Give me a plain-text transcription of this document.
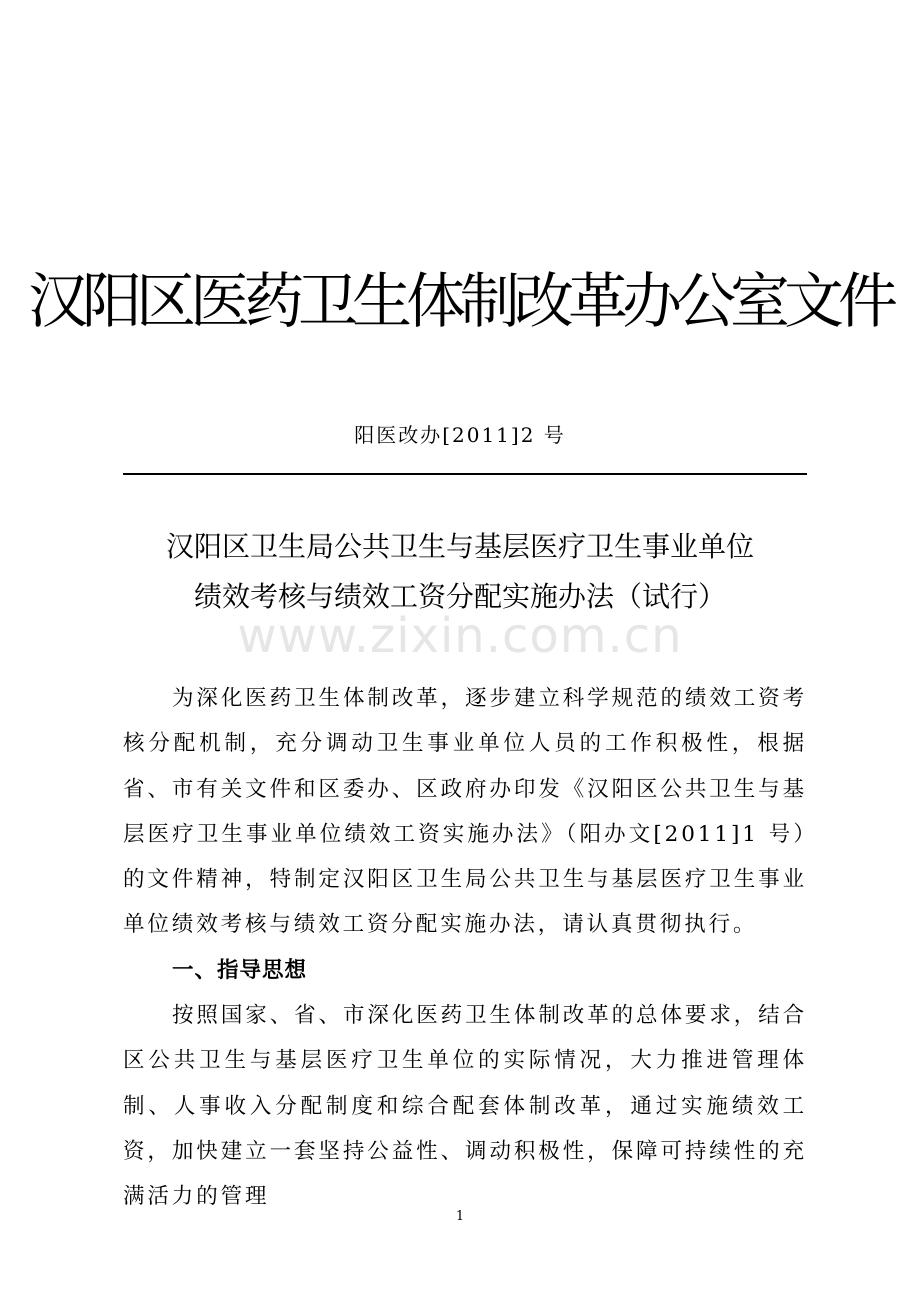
汉阳区医药卫生体制改革办公室文件
阳医改办[2011]2 号
汉阳区卫生局公共卫生与基层医疗卫生事业单位
绩效考核与绩效工资分配实施办法（试行）
www.zixin.com.cn

为深化医药卫生体制改革，逐步建立科学规范的绩效工资考核分配机制，充分调动卫生事业单位人员的工作积极性，根据省、市有关文件和区委办、区政府办印发《汉阳区公共卫生与基层医疗卫生事业单位绩效工资实施办法》（阳办文[2011]1 号）的文件精神，特制定汉阳区卫生局公共卫生与基层医疗卫生事业单位绩效考核与绩效工资分配实施办法，请认真贯彻执行。

一、指导思想

按照国家、省、市深化医药卫生体制改革的总体要求，结合区公共卫生与基层医疗卫生单位的实际情况，大力推进管理体制、人事收入分配制度和综合配套体制改革，通过实施绩效工资，加快建立一套坚持公益性、调动积极性，保障可持续性的充满活力的管理

1
